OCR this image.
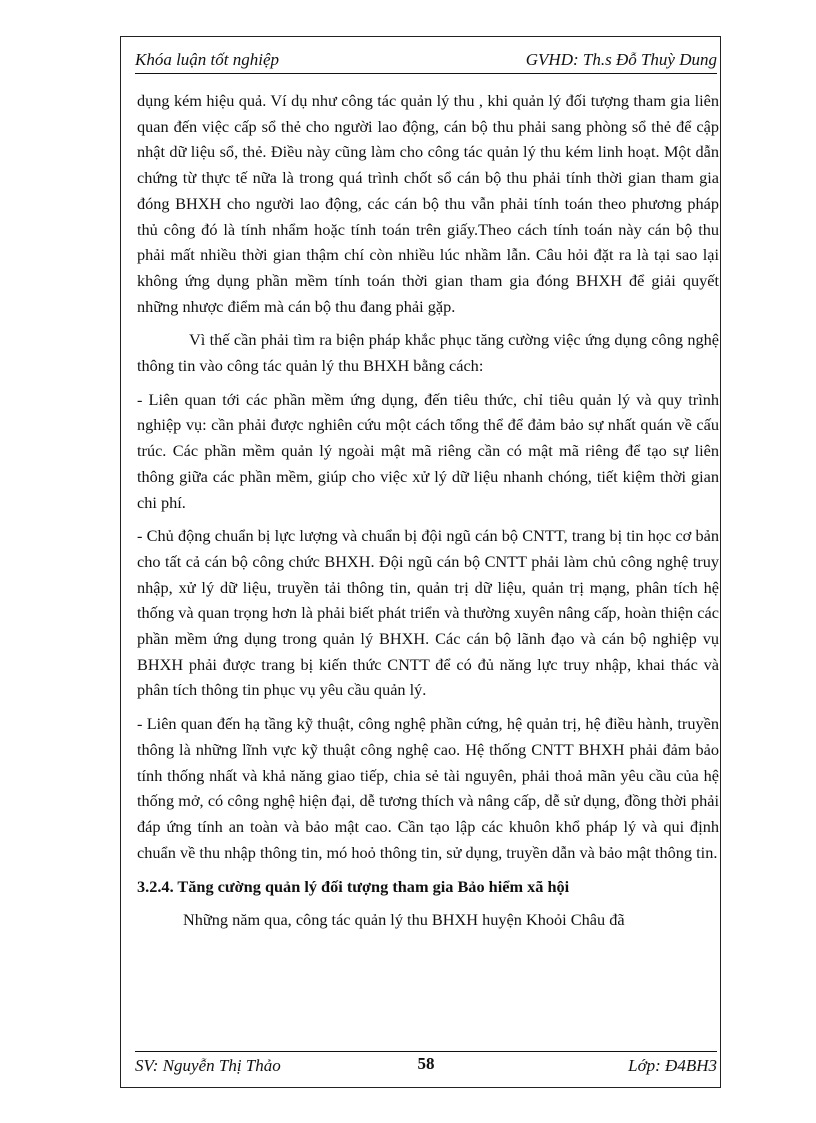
Khóa luận tốt nghiệp	GVHD: Th.s Đỗ Thuỳ Dung

dụng kém hiệu quả. Ví dụ như công tác quản lý thu , khi quản lý đối tượng tham gia liên quan đến việc cấp sổ thẻ cho người lao động, cán bộ thu phải sang phòng sổ thẻ để cập nhật dữ liệu sổ, thẻ. Điều này cũng làm cho công tác quản lý thu kém linh hoạt. Một dẫn chứng từ thực tế nữa là trong quá trình chốt sổ cán bộ thu phải tính thời gian tham gia đóng BHXH cho người lao động, các cán bộ thu vẫn phải tính toán theo phương pháp thủ công đó là tính nhẩm hoặc tính toán trên giấy.Theo cách tính toán này cán bộ thu phải mất nhiều thời gian thậm chí còn nhiều lúc nhầm lẫn. Câu hỏi đặt ra là tại sao lại không ứng dụng phần mềm tính toán thời gian tham gia đóng BHXH để giải quyết những nhược điểm mà cán bộ thu đang phải gặp.

Vì thế cần phải tìm ra biện pháp khắc phục tăng cường việc ứng dụng công nghệ thông tin vào công tác quản lý thu BHXH bằng cách:

- Liên quan tới các phần mềm ứng dụng, đến tiêu thức, chỉ tiêu quản lý và quy trình nghiệp vụ: cần phải được nghiên cứu một cách tổng thể để đảm bảo sự nhất quán về cấu trúc. Các phần mềm quản lý ngoài mật mã riêng cần có mật mã riêng để tạo sự liên thông giữa các phần mềm, giúp cho việc xử lý dữ liệu nhanh chóng, tiết kiệm thời gian chi phí.

- Chủ động chuẩn bị lực lượng và chuẩn bị đội ngũ cán bộ CNTT, trang bị tin học cơ bản cho tất cả cán bộ công chức BHXH. Đội ngũ cán bộ CNTT phải làm chủ công nghệ truy nhập, xử lý dữ liệu, truyền tải thông tin, quản trị dữ liệu, quản trị mạng, phân tích hệ thống và quan trọng hơn là phải biết phát triển và thường xuyên nâng cấp, hoàn thiện các phần mềm ứng dụng trong quản lý BHXH. Các cán bộ lãnh đạo và cán bộ nghiệp vụ BHXH phải được trang bị kiến thức CNTT để có đủ năng lực truy nhập, khai thác và phân tích thông tin phục vụ yêu cầu quản lý.

- Liên quan đến hạ tầng kỹ thuật, công nghệ phần cứng, hệ quản trị, hệ điều hành, truyền thông là những lĩnh vực kỹ thuật công nghệ cao. Hệ thống CNTT BHXH phải đảm bảo tính thống nhất và khả năng giao tiếp, chia sẻ tài nguyên, phải thoả mãn yêu cầu của hệ thống mở, có công nghệ hiện đại, dễ tương thích và nâng cấp, dễ sử dụng, đồng thời phải đáp ứng tính an toàn và bảo mật cao. Cần tạo lập các khuôn khổ pháp lý và qui định chuẩn về thu nhập thông tin, mó hoỏ thông tin, sử dụng, truyền dẫn và bảo mật thông tin.

3.2.4. Tăng cường quản lý đối tượng tham gia Bảo hiểm xã hội

Những năm qua, công tác quản lý thu BHXH huyện Khoỏi Châu đã

SV: Nguyễn Thị Thảo	58	Lớp: Đ4BH3
